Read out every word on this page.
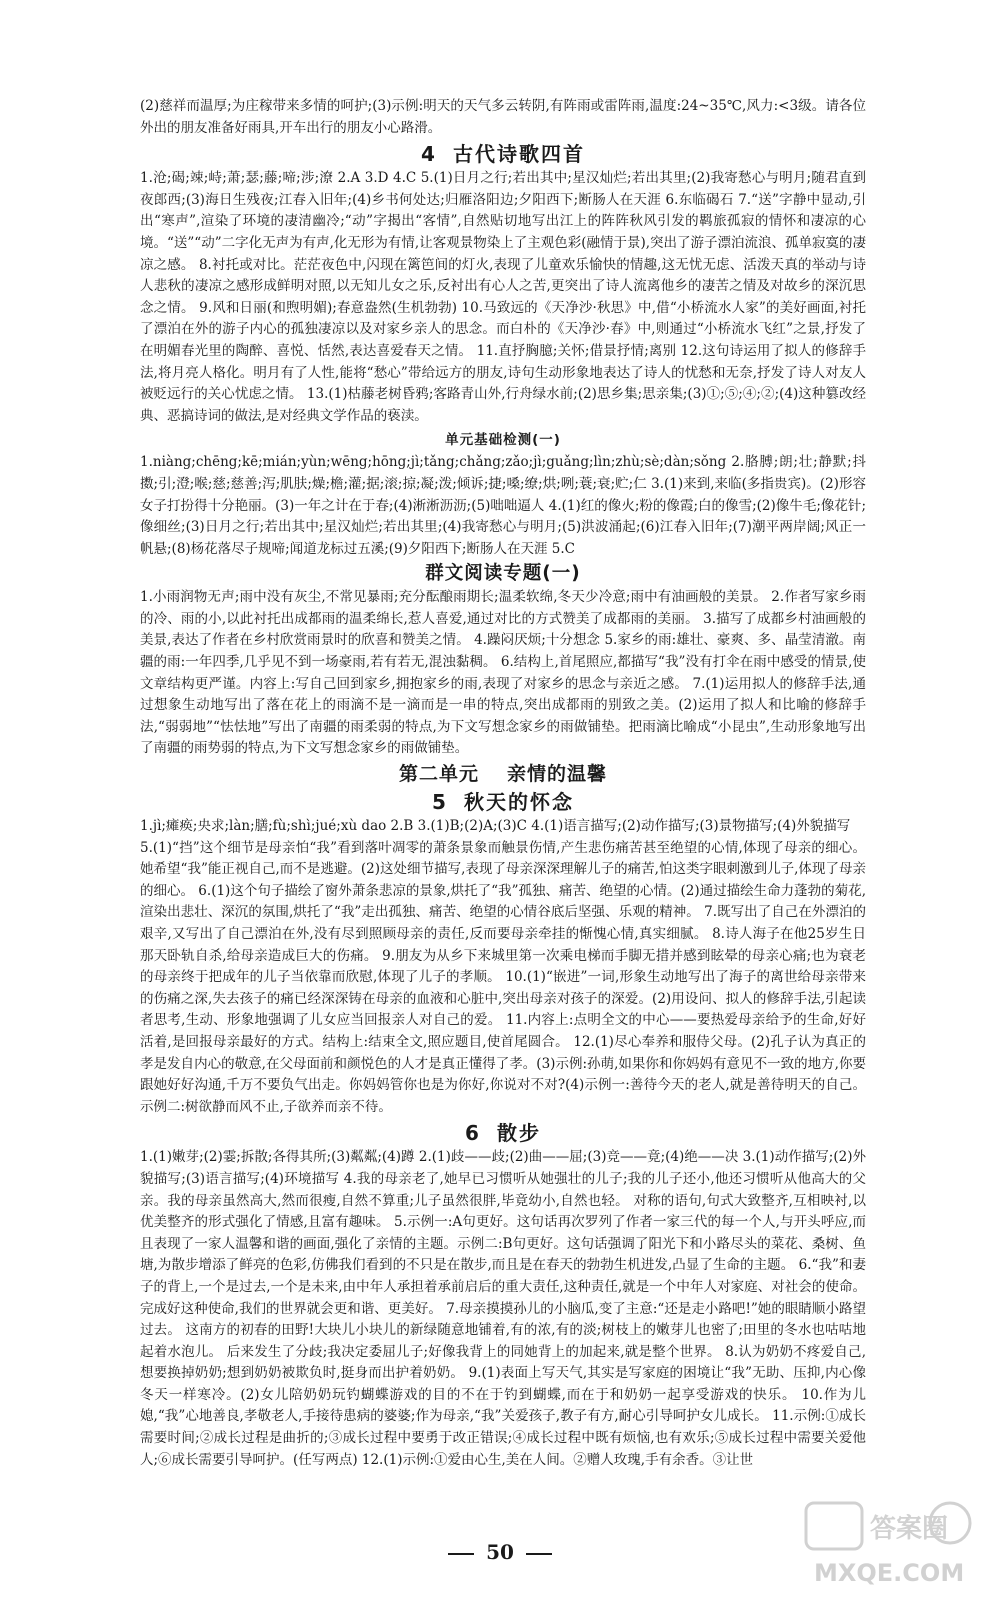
(2)慈祥而温厚;为庄稼带来多情的呵护;(3)示例:明天的天气多云转阴,有阵雨或雷阵雨,温度:24~35℃,风力:<3级。请各位外出的朋友准备好雨具,开车出行的朋友小心路滑。

4 古代诗歌四首

1.沧;碣;竦;峙;萧;瑟;藤;啼;涉;潦 2.A 3.D 4.C 5.(1)日月之行;若出其中;星汉灿烂;若出其里;(2)我寄愁心与明月;随君直到夜郎西;(3)海日生残夜;江春入旧年;(4)乡书何处达;归雁洛阳边;夕阳西下;断肠人在天涯 6.东临碣石 7.“送”字静中显动,引出“寒声”,渲染了环境的凄清幽冷;“动”字揭出“客情”,自然贴切地写出江上的阵阵秋风引发的羁旅孤寂的情怀和凄凉的心境。“送”“动”二字化无声为有声,化无形为有情,让客观景物染上了主观色彩(融情于景),突出了游子漂泊流浪、孤单寂寞的凄凉之感。 8.衬托或对比。茫茫夜色中,闪现在篱笆间的灯火,表现了儿童欢乐愉快的情趣,这无忧无虑、活泼天真的举动与诗人悲秋的凄凉之感形成鲜明对照,以无知儿女之乐,反衬出有心人之苦,更突出了诗人流离他乡的凄苦之情及对故乡的深沉思念之情。 9.风和日丽(和煦明媚);春意盎然(生机勃勃) 10.马致远的《天净沙·秋思》中,借“小桥流水人家”的美好画面,衬托了漂泊在外的游子内心的孤独凄凉以及对家乡亲人的思念。而白朴的《天净沙·春》中,则通过“小桥流水飞红”之景,抒发了在明媚春光里的陶醉、喜悦、恬然,表达喜爱春天之情。 11.直抒胸臆;关怀;借景抒情;离别 12.这句诗运用了拟人的修辞手法,将月亮人格化。明月有了人性,能将“愁心”带给远方的朋友,诗句生动形象地表达了诗人的忧愁和无奈,抒发了诗人对友人被贬远行的关心忧虑之情。 13.(1)枯藤老树昏鸦;客路青山外,行舟绿水前;(2)思乡集;思亲集;(3)①;⑤;④;②;(4)这种篡改经典、恶搞诗词的做法,是对经典文学作品的亵渎。

单元基础检测(一)

1.niàng;chēng;kē;mián;yùn;wēng;hōng;jì;tǎng;chǎng;zǎo;jì;guǎng;lìn;zhù;sè;dàn;sǒng 2.胳膊;朗;壮;静默;抖擞;引;澄;喉;慈;慈善;泻;肌肤;燥;檐;灌;据;滚;掠;凝;泼;倾诉;捷;嗓;缭;烘;咧;蓑;衰;贮;仁 3.(1)来到,来临(多指贵宾)。(2)形容女子打扮得十分艳丽。(3)一年之计在于春;(4)淅淅沥沥;(5)咄咄逼人 4.(1)红的像火;粉的像霞;白的像雪;(2)像牛毛;像花针;像细丝;(3)日月之行;若出其中;星汉灿烂;若出其里;(4)我寄愁心与明月;(5)洪波涌起;(6)江春入旧年;(7)潮平两岸阔;风正一帆悬;(8)杨花落尽子规啼;闻道龙标过五溪;(9)夕阳西下;断肠人在天涯 5.C

群文阅读专题(一)

1.小雨润物无声;雨中没有灰尘,不常见暴雨;充分酝酿雨期长;温柔软绵,冬天少冷意;雨中有油画般的美景。 2.作者写家乡雨的冷、雨的小,以此衬托出成都雨的温柔绵长,惹人喜爱,通过对比的方式赞美了成都雨的美丽。 3.描写了成都乡村油画般的美景,表达了作者在乡村欣赏雨景时的欣喜和赞美之情。 4.躁闷厌烦;十分想念 5.家乡的雨:雄壮、豪爽、多、晶莹清澈。南疆的雨:一年四季,几乎见不到一场豪雨,若有若无,混浊黏稠。 6.结构上,首尾照应,都描写“我”没有打伞在雨中感受的情景,使文章结构更严谨。内容上:写自己回到家乡,拥抱家乡的雨,表现了对家乡的思念与亲近之感。 7.(1)运用拟人的修辞手法,通过想象生动地写出了落在花上的雨滴不是一滴而是一串的特点,突出成都雨的别致之美。(2)运用了拟人和比喻的修辞手法,“弱弱地”“怯怯地”写出了南疆的雨柔弱的特点,为下文写想念家乡的雨做铺垫。把雨滴比喻成“小昆虫”,生动形象地写出了南疆的雨势弱的特点,为下文写想念家乡的雨做铺垫。

第二单元 亲情的温馨
5 秋天的怀念

1.jì;瘫痪;央求;làn;膳;fù;shì;jué;xù dao 2.B 3.(1)B;(2)A;(3)C 4.(1)语言描写;(2)动作描写;(3)景物描写;(4)外貌描写

5.(1)“挡”这个细节是母亲怕“我”看到落叶凋零的萧条景象而触景伤情,产生悲伤痛苦甚至绝望的心情,体现了母亲的细心。她希望“我”能正视自己,而不是逃避。(2)这处细节描写,表现了母亲深深理解儿子的痛苦,怕这类字眼刺激到儿子,体现了母亲的细心。 6.(1)这个句子描绘了窗外萧条悲凉的景象,烘托了“我”孤独、痛苦、绝望的心情。(2)通过描绘生命力蓬勃的菊花,渲染出悲壮、深沉的氛围,烘托了“我”走出孤独、痛苦、绝望的心情谷底后坚强、乐观的精神。 7.既写出了自己在外漂泊的艰辛,又写出了自己漂泊在外,没有尽到照顾母亲的责任,反而要母亲牵挂的惭愧心情,真实细腻。 8.诗人海子在他25岁生日那天卧轨自杀,给母亲造成巨大的伤痛。 9.朋友为从乡下来城里第一次乘电梯而手脚无措并感到眩晕的母亲心痛;也为衰老的母亲终于把成年的儿子当依靠而欣慰,体现了儿子的孝顺。 10.(1)“嵌进”一词,形象生动地写出了海子的离世给母亲带来的伤痛之深,失去孩子的痛已经深深铸在母亲的血液和心脏中,突出母亲对孩子的深爱。(2)用设问、拟人的修辞手法,引起读者思考,生动、形象地强调了儿女应当回报亲人对自己的爱。 11.内容上:点明全文的中心——要热爱母亲给予的生命,好好活着,是回报母亲最好的方式。结构上:结束全文,照应题目,使首尾圆合。 12.(1)尽心奉养和服侍父母。(2)孔子认为真正的孝是发自内心的敬意,在父母面前和颜悦色的人才是真正懂得了孝。(3)示例:孙萌,如果你和你妈妈有意见不一致的地方,你要跟她好好沟通,千万不要负气出走。你妈妈管你也是为你好,你说对不对?(4)示例一:善待今天的老人,就是善待明天的自己。示例二:树欲静而风不止,子欲养而亲不待。

6 散步

1.(1)嫩芽;(2)霎;拆散;各得其所;(3)粼粼;(4)蹲 2.(1)歧——歧;(2)曲——屈;(3)竞——竟;(4)绝——决 3.(1)动作描写;(2)外貌描写;(3)语言描写;(4)环境描写 4.我的母亲老了,她早已习惯听从她强壮的儿子;我的儿子还小,他还习惯听从他高大的父亲。我的母亲虽然高大,然而很瘦,自然不算重;儿子虽然很胖,毕竟幼小,自然也轻。 对称的语句,句式大致整齐,互相映衬,以优美整齐的形式强化了情感,且富有趣味。 5.示例一:A句更好。这句话再次罗列了作者一家三代的每一个人,与开头呼应,而且表现了一家人温馨和谐的画面,强化了亲情的主题。示例二:B句更好。这句话强调了阳光下和小路尽头的菜花、桑树、鱼塘,为散步增添了鲜亮的色彩,仿佛我们看到的不只是在散步,而且是在春天的勃勃生机进发,凸显了生命的主题。 6.“我”和妻子的背上,一个是过去,一个是未来,由中年人承担着承前启后的重大责任,这种责任,就是一个中年人对家庭、对社会的使命。完成好这种使命,我们的世界就会更和谐、更美好。 7.母亲摸摸孙儿的小脑瓜,变了主意:“还是走小路吧!”她的眼睛顺小路望过去。 这南方的初春的田野!大块儿小块儿的新绿随意地铺着,有的浓,有的淡;树枝上的嫩芽儿也密了;田里的冬水也咕咕地起着水泡儿。 后来发生了分歧;我决定委屈儿子;好像我背上的同她背上的加起来,就是整个世界。 8.认为奶奶不疼爱自己,想要换掉奶奶;想到奶奶被欺负时,挺身而出护着奶奶。 9.(1)表面上写天气,其实是写家庭的困境让“我”无助、压抑,内心像冬天一样寒冷。(2)女儿陪奶奶玩钓蝴蝶游戏的目的不在于钓到蝴蝶,而在于和奶奶一起享受游戏的快乐。 10.作为儿媳,“我”心地善良,孝敬老人,手接待患病的婆婆;作为母亲,“我”关爱孩子,教子有方,耐心引导呵护女儿成长。 11.示例:①成长需要时间;②成长过程是曲折的;③成长过程中要勇于改正错误;④成长过程中既有烦恼,也有欢乐;⑤成长过程中需要关爱他人;⑥成长需要引导呵护。(任写两点) 12.(1)示例:①爱由心生,美在人间。②赠人玫瑰,手有余香。③让世

50
答案圈
MXQE.COM
